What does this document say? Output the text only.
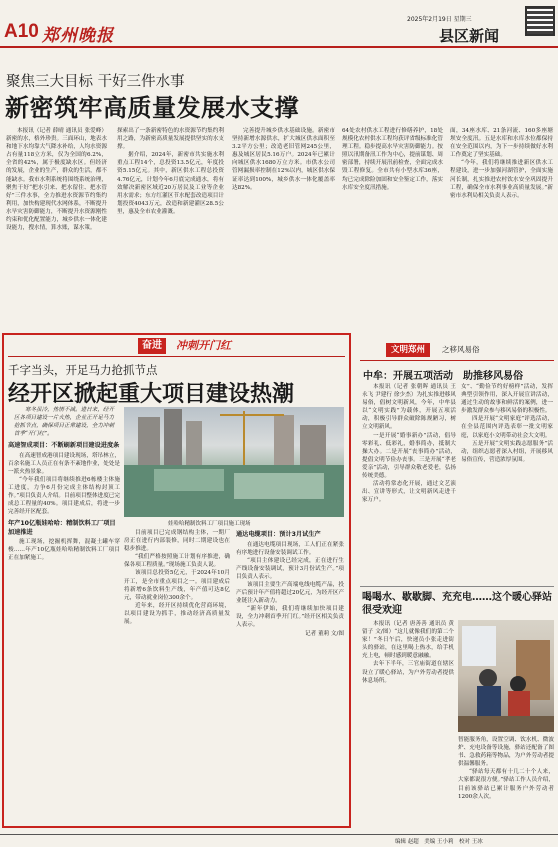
A10 郑州晚报
2025年2月19日 星期三
县区新闻
聚焦三大目标 干好三件水事
新密筑牢高质量发展水支撑

本报讯（记者 薛晴 通讯员 张爱峰）新密的水，格外珍贵。三面环山，地表水和地下水均靠大气降水补给，人均水资源占有量118立方米，仅为全国的6.2%，全省的42%，属于极度缺水区。但经济的发展，企业的生产，群众的生活，都不能缺水。我市水利系统将围绕系统治理，聚焦干好“把水引来、把水留住、把水管好”三件水事，全力推进水资源节约集约利用，加快构建现代水网体系，不断提升水旱灾害防御能力，不断提升水资源刚性约束和优化配置能力，城乡供水一体化建设能力，搜水情，算水账，谋水策。

探索出了一条新密特色的水资源节约集约利用之路，为新密高质量发展提供坚实的水支撑。

据介绍，2024年，新密市共实施水利重点工程14个，总投资13.5亿元，年度投资5.15亿元。其中，新区供水工程总投资4.76亿元，计划今年6月底完成通水，将有效解决新密区域近20万居民及工业等企业用水需求；东方红灌区节水配套改造项目计划投资4043万元，改造和新建灌区28.5公里，惠及全市农业灌溉。

完善提升城乡供水基础设施。新密市坚持新增水源供水，扩大城区供水面积至3.2平方公里；改造老旧管网245公里，惠及城区居民5.16万户。2024年已累计向城区供水1680万立方米。市供水公司管网漏损率控制在12%以内，城区供水保证率达到100%，城乡供水一体化覆盖率达82%。

64处农村供水工程进行修缮养护，18处规模化农村供水工程均获评省级标准化管理工程。稳步提高水旱灾害防御能力。按照以汛期备汛工作为中心，提前谋划、周密部署，持续开展汛前检查，全面完成水毁工程修复。全市共有小型水库36座，均已完成除险加固和安全鉴定工作，落实水库安全度汛措施。

面，34座水库、21条河流、160多座塘坝安全度汛。五是水库和水库水位都保持在安全范围以内，为下一步持续做好水利工作奠定了坚实基础。

“今年，我们将继续推进新区供水工程建设，进一步加强河湖管护，全面实施河长制，扎实推进农村饮水安全巩固提升工程，确保全市水利事业高质量发展。”新密市水利局相关负责人表示。

奋进	冲刺开门红
千字当头，开足马力抢抓节点
经开区掀起重大项目建设热潮

寒冬虽冷，热情不减。进日来，经开区各项目建设一片火热，企业正开足马力抢抓节点，确保项目正常建设，全力冲刺首季“开门红”。

高速智成项目：不断刷新项目建设进度条

在高速智成港项目建设现场，塔吊林立，百余名施工人员正在有条不紊地作业，处处是一派火热景象。

“今年我们项目将继续推进6栋楼主体施工进度，力争6月份完成主体结构封顶工作。”项目负责人介绍。目前项目整体进度已完成总工程量的40%。项目建成后，将进一步完善经开区配套。

年产10亿瓶娃哈哈：精制饮料工厂项目加速推进

施工现场，挖掘机挥舞，混凝土罐车穿梭……年产10亿瓶娃哈哈精制饮料工厂项目正在加紧施工。

娃哈哈精制饮料工厂项目施工现场

目前项目已完成钢结构主体，一期厂房正在进行内部装修，同时二期建设也在稳步推进。

“我们严格按照施工计划有序推进，确保各项工程质量。”现场施工负责人说。

该项目总投资5亿元，于2024年10月开工，是全市重点项目之一。项目建成后将新增6条饮料生产线，年产值可达8亿元，带动就业岗位300余个。

近年来，经开区持续优化营商环境，以项目建设为抓手，推动经济高质量发展。

通达电缆项目：预计3月试生产

在通达电缆项目现场，工人们正在紧张有序地进行设备安装调试工作。

“项目主体建设已经完成，正在进行生产线设备安装调试，预计3月份试生产。”项目负责人表示。

该项目主要生产高端电线电缆产品，投产后预计年产值将超过20亿元，为经开区产业链注入新动力。

“新年伊始，我们将继续加快项目建设，全力冲刺首季开门红。”经开区相关负责人表示。

记者 董莉 文/图

文明郑州	之移风易俗
中牟：开展五项活动　助推移风易俗

本报讯（记者 张朝晖 通讯员 王永飞 尹建行 徐少杰）为扎实推进移风易俗，倡树文明新风，今年，中牟县以“文明实践”为载体，开展五项活动，积极引导群众破除陈规陋习，树立文明新风。

一是开展“婚事新办”活动，倡导零彩礼、低彩礼，婚事简办，抵制大操大办。二是开展“丧事简办”活动，提倡文明节俭办丧事。三是开展“孝老爱亲”活动，引导群众敬老爱老，弘扬传统美德。

活动将常态化开展，通过文艺演出、宣讲等形式，让文明新风走进千家万户。

女”、“勤俭节约好榜样”活动，发挥典型引领作用，深入开展宣讲活动，通过生动的故事和鲜活的案例，进一步激发群众参与移风易俗的积极性。

四是开展“文明家庭”评选活动，在全县范围内评选表彰一批文明家庭，以家庭小文明带动社会大文明。

五是开展“文明实践志愿服务”活动，组织志愿者深入村组，开展移风易俗宣传，营造浓厚氛围。

喝喝水、歇歇脚、充充电……这个暖心驿站很受欢迎

本报讯（记者 唐善善 通讯员 黄留子 文/图）“这儿就像我们的第二个家！”冬日午后，快递员小张走进街头的驿站，在这里喝上热水，给手机充上电，顿时感到暖意融融。

去年下半年，三官庙街道在辖区设立了暖心驿站，为户外劳动者提供休息场所。

智能服务角，设置空调、饮水机、微波炉、充电设备等设施，驿站还配备了图书、急救药箱等物品，为户外劳动者提供温馨服务。

“驿站每天都有十几二十个人来，大家都说很方便。”驿站工作人员介绍，目前该驿站已累计服务户外劳动者1200余人次。

编辑 赵超　美编 王小莉　校对 王冰
